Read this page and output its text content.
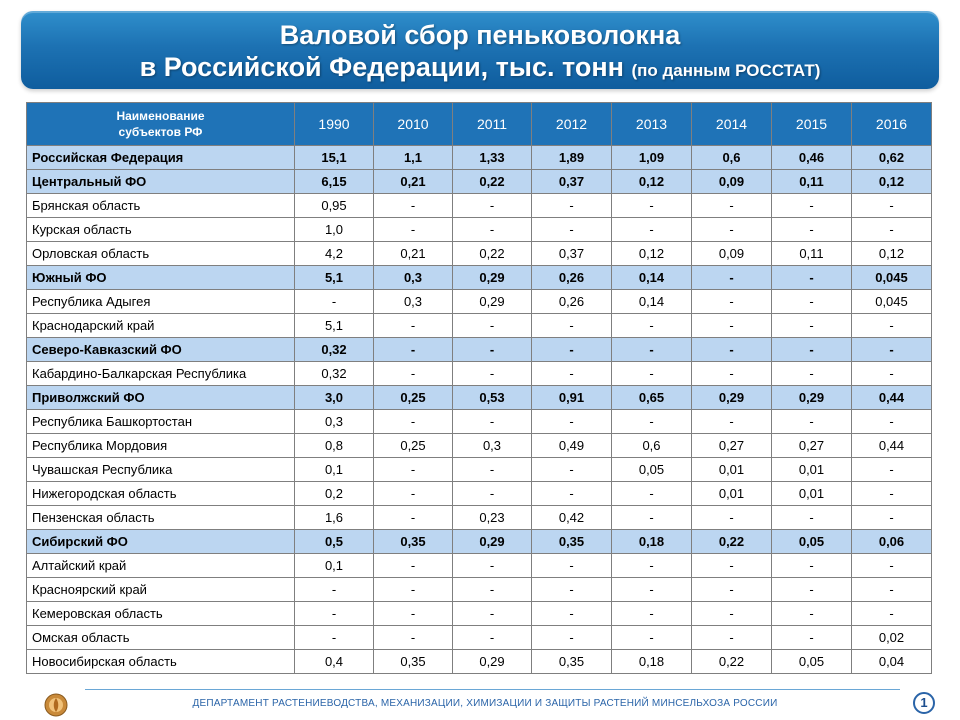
Валовой сбор пеньковолокна
в Российской Федерации, тыс. тонн (по данным РОССТАТ)
Наименование
субъектов РФ	1990	2010	2011	2012	2013	2014	2015	2016
Российская Федерация	15,1	1,1	1,33	1,89	1,09	0,6	0,46	0,62
Центральный ФО	6,15	0,21	0,22	0,37	0,12	0,09	0,11	0,12
Брянская область	0,95	-	-	-	-	-	-	-
Курская область	1,0	-	-	-	-	-	-	-
Орловская область	4,2	0,21	0,22	0,37	0,12	0,09	0,11	0,12
Южный ФО	5,1	0,3	0,29	0,26	0,14	-	-	0,045
Республика Адыгея	-	0,3	0,29	0,26	0,14	-	-	0,045
Краснодарский край	5,1	-	-	-	-	-	-	-
Северо-Кавказский ФО	0,32	-	-	-	-	-	-	-
Кабардино-Балкарская Республика	0,32	-	-	-	-	-	-	-
Приволжский ФО	3,0	0,25	0,53	0,91	0,65	0,29	0,29	0,44
Республика Башкортостан	0,3	-	-	-	-	-	-	-
Республика Мордовия	0,8	0,25	0,3	0,49	0,6	0,27	0,27	0,44
Чувашская Республика	0,1	-	-	-	0,05	0,01	0,01	-
Нижегородская область	0,2	-	-	-	-	0,01	0,01	-
Пензенская область	1,6	-	0,23	0,42	-	-	-	-
Сибирский ФО	0,5	0,35	0,29	0,35	0,18	0,22	0,05	0,06
Алтайский край	0,1	-	-	-	-	-	-	-
Красноярский край	-	-	-	-	-	-	-	-
Кемеровская область	-	-	-	-	-	-	-	-
Омская область	-	-	-	-	-	-	-	0,02
Новосибирская область	0,4	0,35	0,29	0,35	0,18	0,22	0,05	0,04
ДЕПАРТАМЕНТ РАСТЕНИЕВОДСТВА, МЕХАНИЗАЦИИ, ХИМИЗАЦИИ И ЗАЩИТЫ РАСТЕНИЙ МИНСЕЛЬХОЗА РОССИИ	1
